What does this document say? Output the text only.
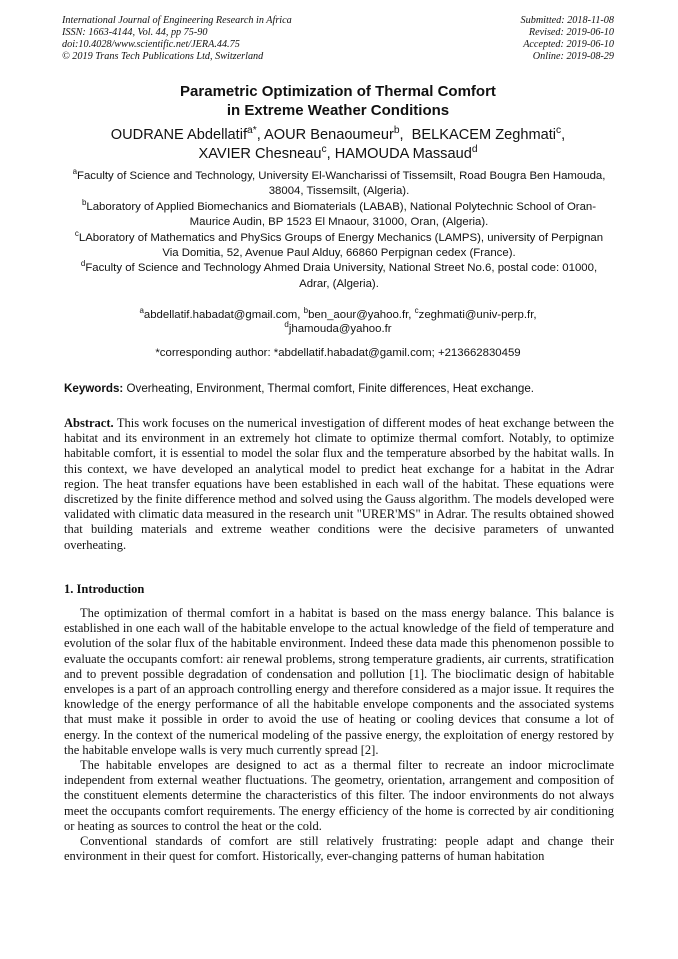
International Journal of Engineering Research in Africa
ISSN: 1663-4144, Vol. 44, pp 75-90
doi:10.4028/www.scientific.net/JERA.44.75
© 2019 Trans Tech Publications Ltd, Switzerland
Submitted: 2018-11-08
Revised: 2019-06-10
Accepted: 2019-06-10
Online: 2019-08-29
Parametric Optimization of Thermal Comfort
in Extreme Weather Conditions
OUDRANE Abdellatif$^{a*}$, AOUR Benaoumeur$^b$,  BELKACEM Zeghmati$^c$,
XAVIER Chesneau$^c$, HAMOUDA Massaud$^d$
$^a$Faculty of Science and Technology, University El-Wancharissi of Tissemsilt, Road Bougra Ben Hamouda, 38004, Tissemsilt, (Algeria).
$^b$Laboratory of Applied Biomechanics and Biomaterials (LABAB), National Polytechnic School of Oran-Maurice Audin, BP 1523 El Mnaour, 31000, Oran, (Algeria).
$^c$LAboratory of Mathematics and PhySics Groups of Energy Mechanics (LAMPS), university of Perpignan Via Domitia, 52, Avenue Paul Alduy, 66860 Perpignan cedex (France).
$^d$Faculty of Science and Technology Ahmed Draia University, National Street No.6, postal code: 01000, Adrar, (Algeria).
$^a$abdellatif.habadat@gmail.com, $^b$ben_aour@yahoo.fr, $^c$zeghmati@univ-perp.fr,
$^d$jhamouda@yahoo.fr
*corresponding author: *abdellatif.habadat@gamil.com; +213662830459
Keywords: Overheating, Environment, Thermal comfort, Finite differences, Heat exchange.
Abstract. This work focuses on the numerical investigation of different modes of heat exchange between the habitat and its environment in an extremely hot climate to optimize thermal comfort. Notably, to optimize habitable comfort, it is essential to model the solar flux and the temperature absorbed by the habitat walls. In this context, we have developed an analytical model to predict heat exchange for a habitat in the Adrar region. The heat transfer equations have been established in each wall of the habitat. These equations were discretized by the finite difference method and solved using the Gauss algorithm. The models developed were validated with climatic data measured in the research unit "URER'MS" in Adrar. The results obtained showed that building materials and extreme weather conditions were the decisive parameters of unwanted overheating.
1. Introduction

The optimization of thermal comfort in a habitat is based on the mass energy balance. This balance is established in one each wall of the habitable envelope to the actual knowledge of the field of temperature and evolution of the solar flux of the habitable environment. Indeed these data made this phenomenon possible to evaluate the occupants comfort: air renewal problems, strong temperature gradients, air currents, stratification and to prevent possible degradation of condensation and pollution [1]. The bioclimatic design of habitable envelopes is a part of an approach controlling energy and therefore considered as a major issue. It requires the knowledge of the energy performance of all the habitable envelope components and the associated systems that must make it possible in order to avoid the use of heating or cooling devices that consume a lot of energy. In the context of the numerical modeling of the passive energy, the exploitation of energy restored by the habitable envelope walls is very much currently spread [2].

The habitable envelopes are designed to act as a thermal filter to recreate an indoor microclimate independent from external weather fluctuations. The geometry, orientation, arrangement and composition of the constituent elements determine the characteristics of this filter. The indoor environments do not always meet the occupants comfort requirements. The energy efficiency of the home is corrected by air conditioning or heating as sources to control the heat or the cold.

Conventional standards of comfort are still relatively frustrating: people adapt and change their environment in their quest for comfort. Historically, ever-changing patterns of human habitation
